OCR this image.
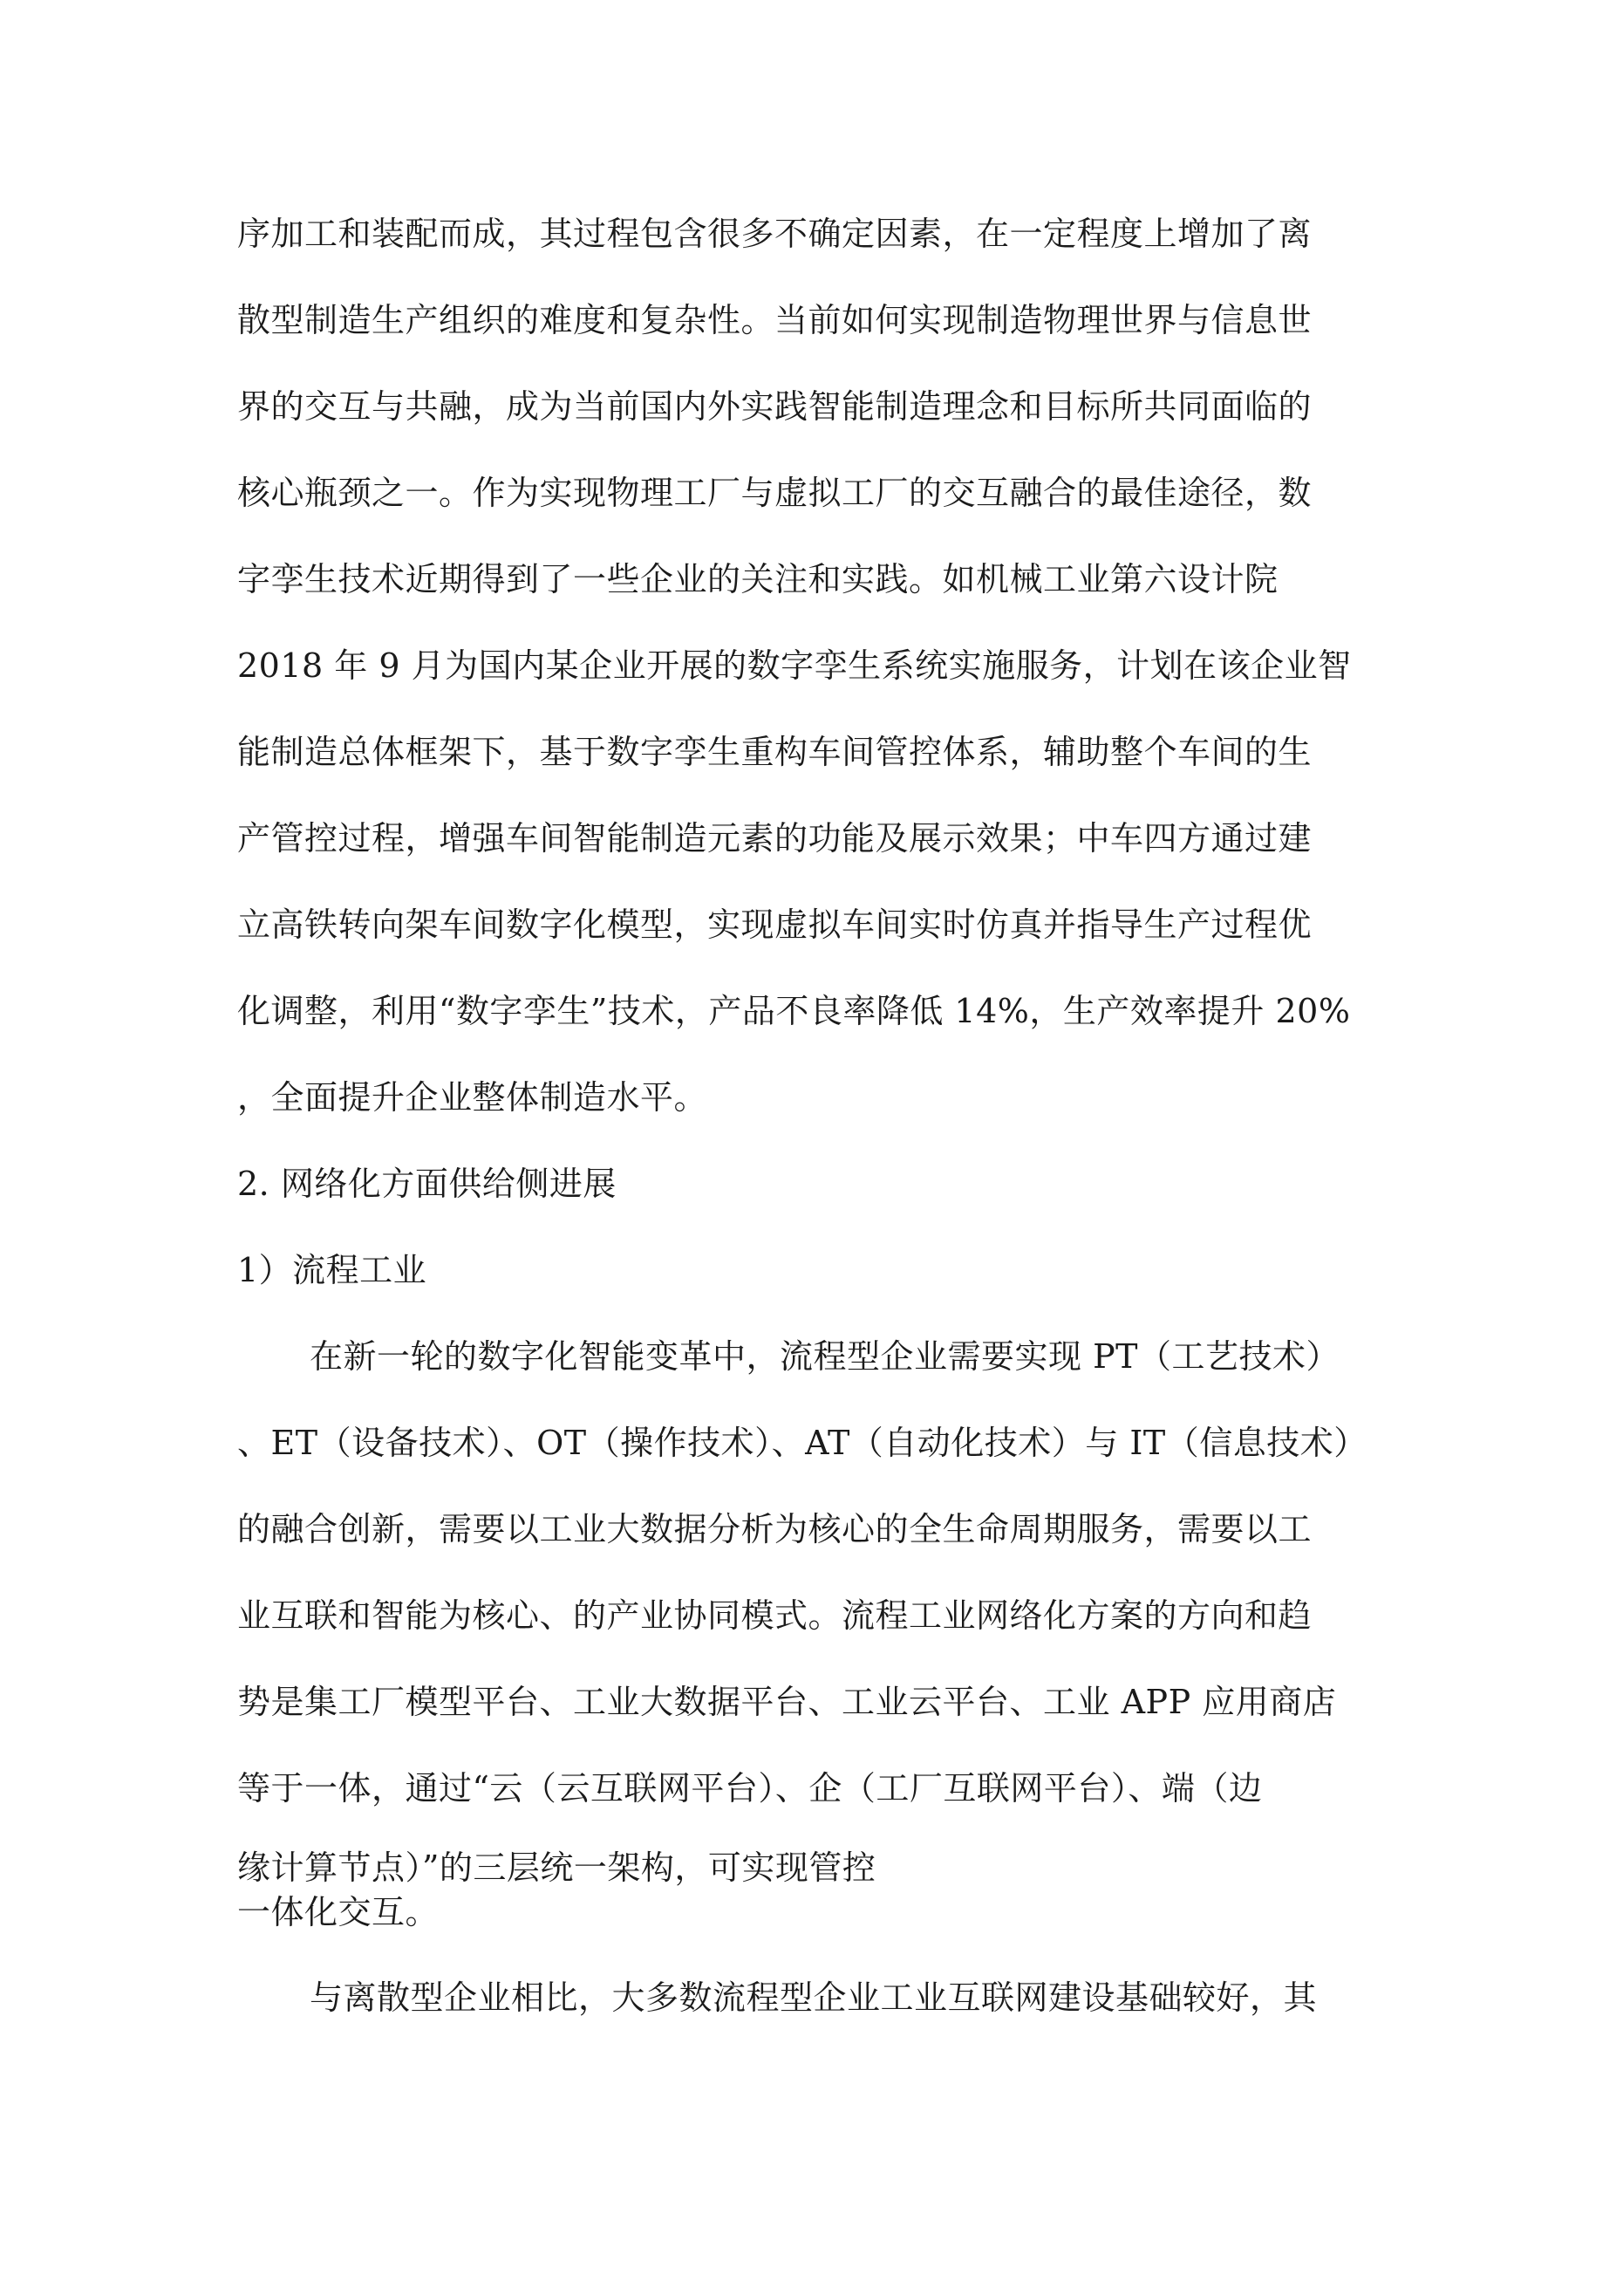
序加工和装配而成，其过程包含很多不确定因素，在一定程度上增加了离
散型制造生产组织的难度和复杂性。当前如何实现制造物理世界与信息世
界的交互与共融，成为当前国内外实践智能制造理念和目标所共同面临的
核心瓶颈之一。作为实现物理工厂与虚拟工厂的交互融合的最佳途径，数
字孪生技术近期得到了一些企业的关注和实践。如机械工业第六设计院
2018 年 9 月为国内某企业开展的数字孪生系统实施服务，计划在该企业智
能制造总体框架下，基于数字孪生重构车间管控体系，辅助整个车间的生
产管控过程，增强车间智能制造元素的功能及展示效果；中车四方通过建
立高铁转向架车间数字化模型，实现虚拟车间实时仿真并指导生产过程优
化调整，利用“数字孪生”技术，产品不良率降低 14%，生产效率提升 20%
，全面提升企业整体制造水平。
2. 网络化方面供给侧进展
1）流程工业
在新一轮的数字化智能变革中，流程型企业需要实现 PT（工艺技术）
、ET（设备技术）、OT（操作技术）、AT（自动化技术）与 IT（信息技术）
的融合创新，需要以工业大数据分析为核心的全生命周期服务，需要以工
业互联和智能为核心、的产业协同模式。流程工业网络化方案的方向和趋
势是集工厂模型平台、工业大数据平台、工业云平台、工业 APP 应用商店
等于一体，通过“云（云互联网平台）、企（工厂互联网平台）、端（边
缘计算节点）”的三层统一架构，可实现管控
一体化交互。
与离散型企业相比，大多数流程型企业工业互联网建设基础较好，其
